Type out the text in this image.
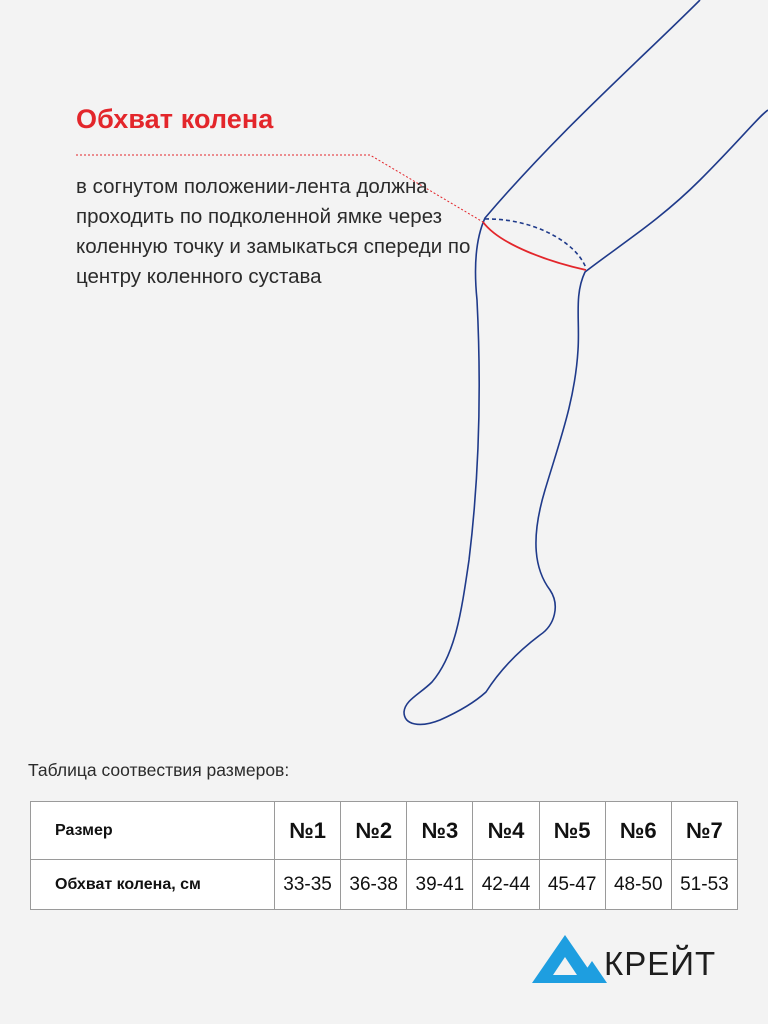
Обхват колена

в согнутом положении-лента должна проходить по подколенной ямке через коленную точку и замыкаться спереди по центру коленного сустава

Таблица соотвествия размеров:
Размер	№1	№2	№3	№4	№5	№6	№7
Обхват колена, см	33-35	36-38	39-41	42-44	45-47	48-50	51-53
КРЕЙТ
